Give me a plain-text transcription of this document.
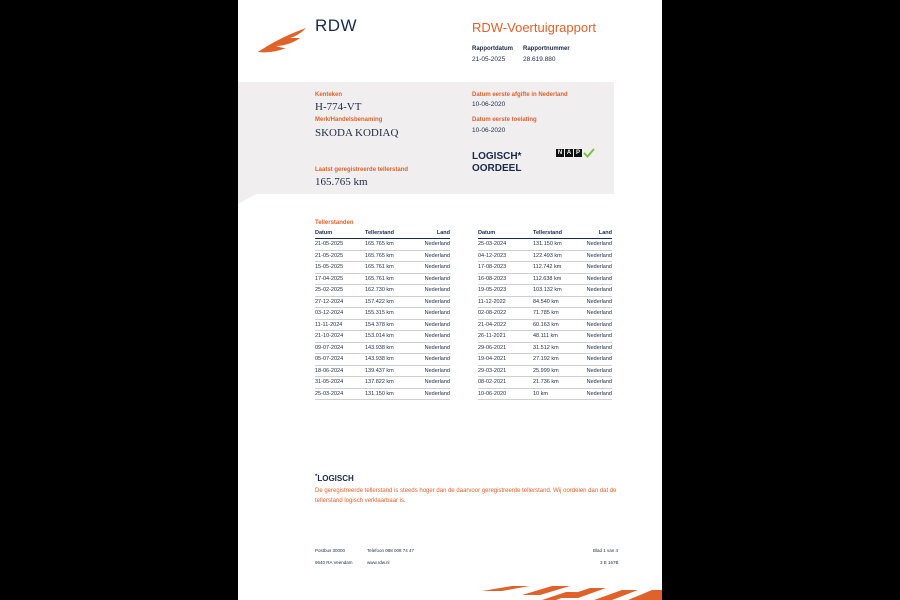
RDW	RDW-Voertuigrapport
Rapportdatum
21-05-2025
Rapportnummer
28.619.880
Kenteken
H-774-VT
Merk/Handelsbenaming
SKODA KODIAQ
Laatst geregistreerde tellerstand
165.765 km
Datum eerste afgifte in Nederland
10-06-2020
Datum eerste toelating
10-06-2020
LOGISCH*
OORDEEL
N A P
Tellerstanden
Datum	Tellerstand	Land
21-05-2025	165.765 km	Nederland
21-05-2025	165.765 km	Nederland
15-05-2025	165.761 km	Nederland
17-04-2025	165.761 km	Nederland
25-02-2025	162.730 km	Nederland
27-12-2024	157.422 km	Nederland
03-12-2024	155.315 km	Nederland
11-11-2024	154.378 km	Nederland
21-10-2024	153.014 km	Nederland
09-07-2024	143.938 km	Nederland
05-07-2024	143.938 km	Nederland
18-06-2024	139.437 km	Nederland
31-05-2024	137.822 km	Nederland
25-03-2024	131.150 km	Nederland
Datum	Tellerstand	Land
25-03-2024	131.150 km	Nederland
04-12-2023	122.493 km	Nederland
17-08-2023	112.742 km	Nederland
16-08-2023	112.638 km	Nederland
19-05-2023	103.132 km	Nederland
11-12-2022	84.540 km	Nederland
02-08-2022	71.785 km	Nederland
21-04-2022	60.163 km	Nederland
26-11-2021	48.111 km	Nederland
29-06-2021	31.512 km	Nederland
19-04-2021	27.192 km	Nederland
29-03-2021	25.999 km	Nederland
08-02-2021	21.736 km	Nederland
10-06-2020	10 km	Nederland
*LOGISCH
De geregistreerde tellerstand is steeds hoger dan de daarvoor geregistreerde tellerstand. Wij oordelen dan dat de tellerstand logisch verklaarbaar is.
Postbus 30000
9640 RA Veendam
Telefoon 088 008 74 47
www.rdw.nl
Blad 1 van 4
3 E 167B
